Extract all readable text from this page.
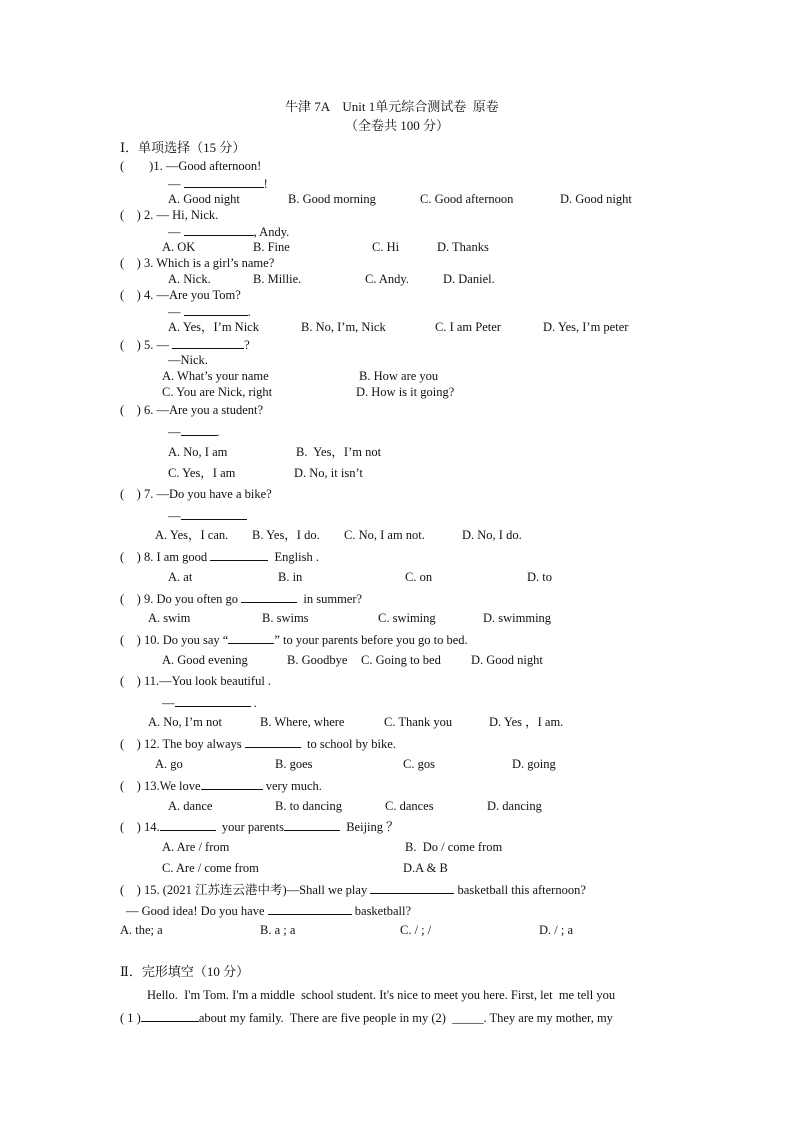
牛津 7A　Unit 1单元综合测试卷  原卷
（全卷共 100 分）
Ⅰ．单项选择（15 分）
(　　)1. —Good afternoon!
—	!
A. Good night	B. Good morning	C. Good afternoon	D. Good night
(　) 2. — Hi, Nick.
—	, Andy.
A. OK	B. Fine	C. Hi	D. Thanks
(　) 3. Which is a girl’s name?
A. Nick.	B. Millie.	C. Andy.	D. Daniel.
(　) 4. —Are you Tom?
—	.
A. Yes，I’m Nick	B. No, I’m, Nick	C. I am Peter	D. Yes, I’m peter
(　) 5. —	?
—Nick.
A. What’s your name	B. How are you
C. You are Nick, right	D. How is it going?
(　) 6. —Are you a student?
—	.
A. No, I am	B.  Yes，I’m not
C. Yes，I am	D. No, it isn’t
(　) 7. —Do you have a bike?
—
A. Yes，I can. B. Yes，I do. C. No, I am not.	D. No, I do.
(　) 8. I am good	English .
A. at	B. in	C. on	D. to
(　) 9. Do you often go	in summer?
A. swim	B. swims	C. swiming	D. swimming
(　) 10. Do you say “	” to your parents before you go to bed.
A. Good evening	B. Goodbye C. Going to bed D. Good night
(　) 11.—You look beautiful .
—	.
A. No, I’m not	B. Where, where	C. Thank you	D. Yes ，I am.
(　) 12. The boy always	to school by bike.
A. go	B. goes	C. gos	D. going
(　) 13.We love	very much.
A. dance	B. to dancing	C. dances	D. dancing
(　) 14.	your parents	Beijing ？
A. Are / from	B.  Do / come from
C. Are / come from	D.A & B
(　) 15. (2021 江苏连云港中考)—Shall we play	basketball this afternoon?
— Good idea! Do you have	basketball?
A. the; a	B. a ; a	C. / ; /	D. / ; a
Ⅱ．完形填空（10 分）
Hello.  I'm Tom. I'm a middle  school student. It's nice to meet you here. First, let  me tell you
( 1 )	about my family.  There are five people in my (2)  _____. They are my mother, my
